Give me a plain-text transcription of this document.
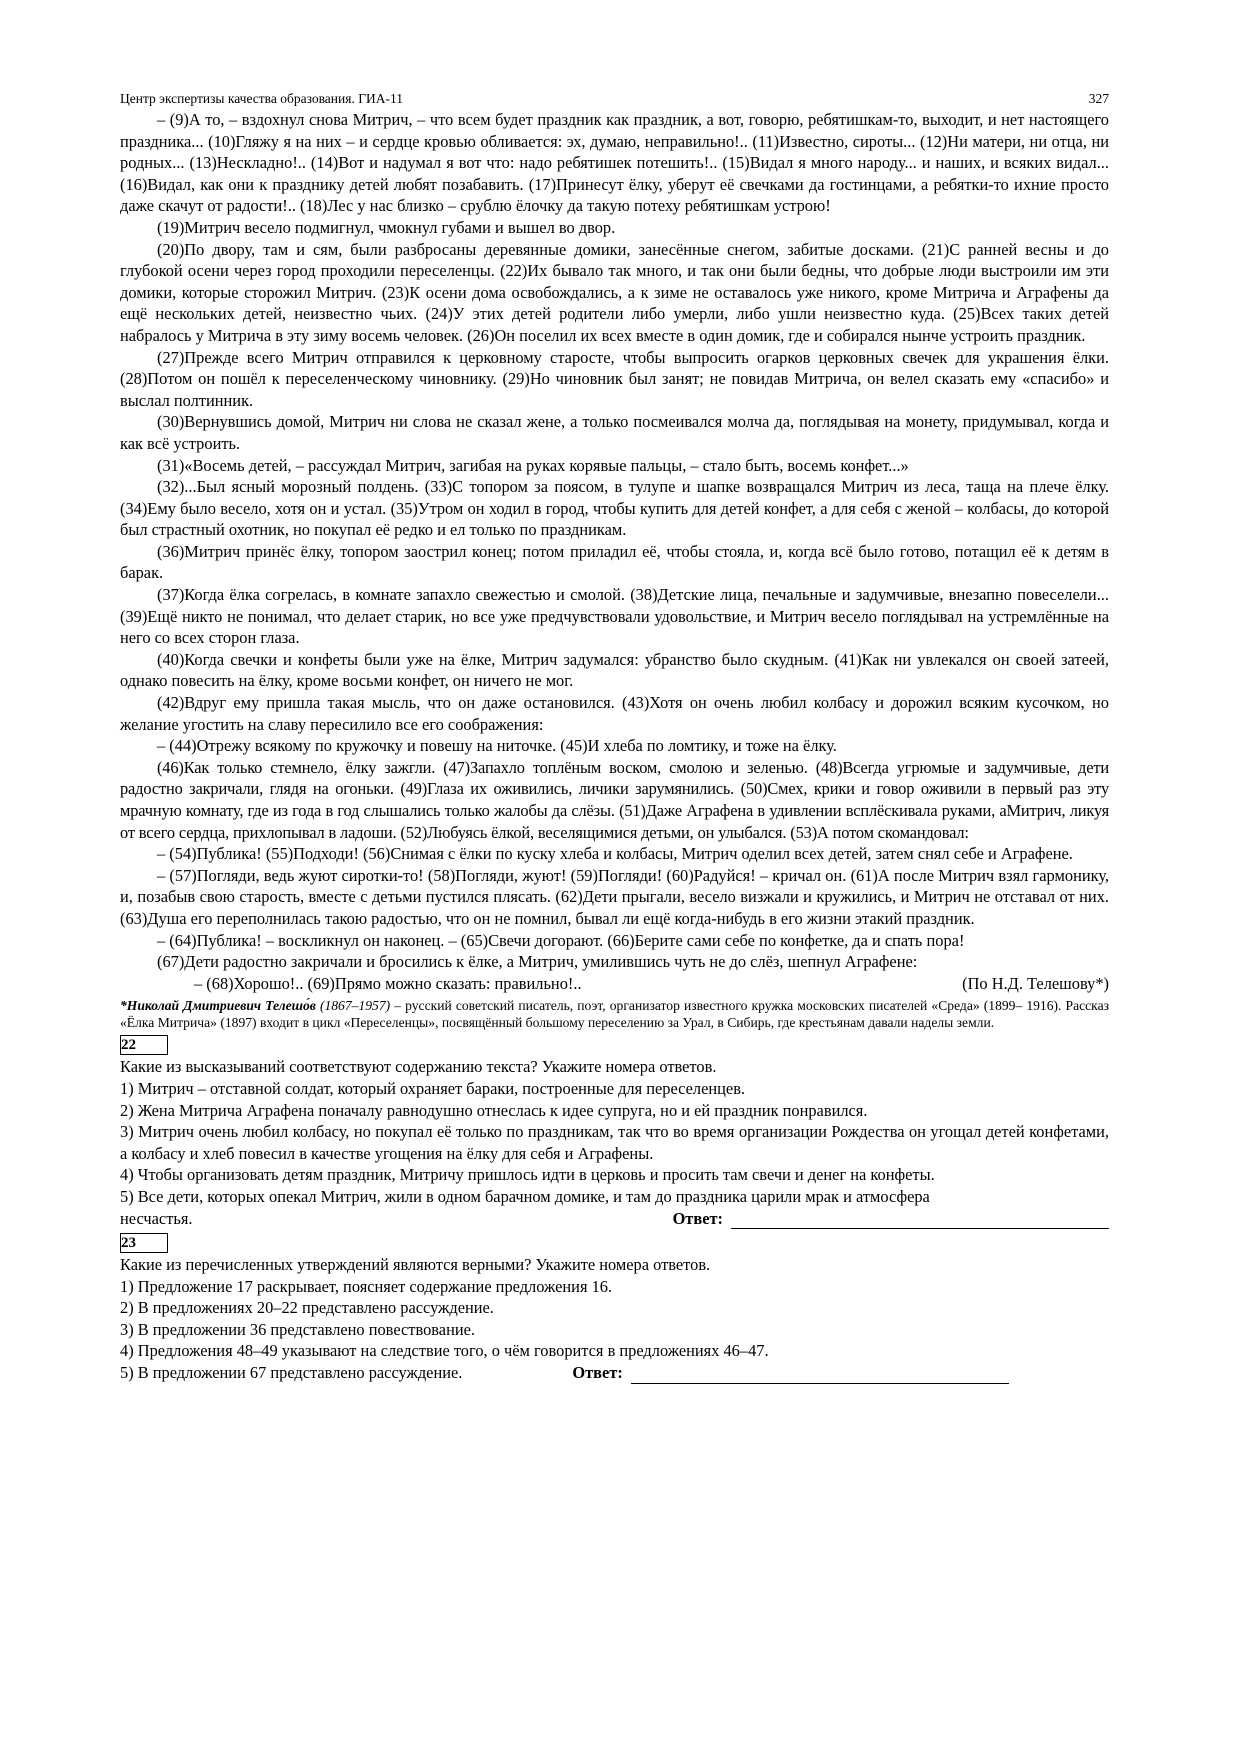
Центр экспертизы качества образования. ГИА-11	327

– (9)А то, – вздохнул снова Митрич, – что всем будет праздник как праздник, а вот, говорю, ребятишкам-то, выходит, и нет настоящего праздника... (10)Гляжу я на них – и сердце кровью обливается: эх, думаю, неправильно!.. (11)Известно, сироты... (12)Ни матери, ни отца, ни родных... (13)Нескладно!.. (14)Вот и надумал я вот что: надо ребятишек потешить!.. (15)Видал я много народу... и наших, и всяких видал... (16)Видал, как они к празднику детей любят позабавить. (17)Принесут ёлку, уберут её свечками да гостинцами, а ребятки-то ихние просто даже скачут от радости!.. (18)Лес у нас близко – срублю ёлочку да такую потеху ребятишкам устрою!

(19)Митрич весело подмигнул, чмокнул губами и вышел во двор.

(20)По двору, там и сям, были разбросаны деревянные домики, занесённые снегом, забитые досками. (21)С ранней весны и до глубокой осени через город проходили переселенцы. (22)Их бывало так много, и так они были бедны, что добрые люди выстроили им эти домики, которые сторожил Митрич. (23)К осени дома освобождались, а к зиме не оставалось уже никого, кроме Митрича и Аграфены да ещё нескольких детей, неизвестно чьих. (24)У этих детей родители либо умерли, либо ушли неизвестно куда. (25)Всех таких детей набралось у Митрича в эту зиму восемь человек. (26)Он поселил их всех вместе в один домик, где и собирался нынче устроить праздник.

(27)Прежде всего Митрич отправился к церковному старосте, чтобы выпросить огарков церковных свечек для украшения ёлки. (28)Потом он пошёл к переселенческому чиновнику. (29)Но чиновник был занят; не повидав Митрича, он велел сказать ему «спасибо» и выслал полтинник.

(30)Вернувшись домой, Митрич ни слова не сказал жене, а только посмеивался молча да, поглядывая на монету, придумывал, когда и как всё устроить.

(31)«Восемь детей, – рассуждал Митрич, загибая на руках корявые пальцы, – стало быть, восемь конфет...»

(32)...Был ясный морозный полдень. (33)С топором за поясом, в тулупе и шапке возвращался Митрич из леса, таща на плече ёлку. (34)Ему было весело, хотя он и устал. (35)Утром он ходил в город, чтобы купить для детей конфет, а для себя с женой – колбасы, до которой был страстный охотник, но покупал её редко и ел только по праздникам.

(36)Митрич принёс ёлку, топором заострил конец; потом приладил её, чтобы стояла, и, когда всё было готово, потащил её к детям в барак.

(37)Когда ёлка согрелась, в комнате запахло свежестью и смолой. (38)Детские лица, печальные и задумчивые, внезапно повеселели... (39)Ещё никто не понимал, что делает старик, но все уже предчувствовали удовольствие, и Митрич весело поглядывал на устремлённые на него со всех сторон глаза.

(40)Когда свечки и конфеты были уже на ёлке, Митрич задумался: убранство было скудным. (41)Как ни увлекался он своей затеей, однако повесить на ёлку, кроме восьми конфет, он ничего не мог.

(42)Вдруг ему пришла такая мысль, что он даже остановился. (43)Хотя он очень любил колбасу и дорожил всяким кусочком, но желание угостить на славу пересилило все его соображения:

– (44)Отрежу всякому по кружочку и повешу на ниточке. (45)И хлеба по ломтику, и тоже на ёлку.

(46)Как только стемнело, ёлку зажгли. (47)Запахло топлёным воском, смолою и зеленью. (48)Всегда угрюмые и задумчивые, дети радостно закричали, глядя на огоньки. (49)Глаза их оживились, личики зарумянились. (50)Смех, крики и говор оживили в первый раз эту мрачную комнату, где из года в год слышались только жалобы да слёзы. (51)Даже Аграфена в удивлении всплёскивала руками, аМитрич, ликуя от всего сердца, прихлопывал в ладоши. (52)Любуясь ёлкой, веселящимися детьми, он улыбался. (53)А потом скомандовал:

– (54)Публика! (55)Подходи! (56)Снимая с ёлки по куску хлеба и колбасы, Митрич оделил всех детей, затем снял себе и Аграфене.

– (57)Погляди, ведь жуют сиротки-то! (58)Погляди, жуют! (59)Погляди! (60)Радуйся! – кричал он. (61)А после Митрич взял гармонику, и, позабыв свою старость, вместе с детьми пустился плясать. (62)Дети прыгали, весело визжали и кружились, и Митрич не отставал от них. (63)Душа его переполнилась такою радостью, что он не помнил, бывал ли ещё когда-нибудь в его жизни этакий праздник.

– (64)Публика! – воскликнул он наконец. – (65)Свечи догорают. (66)Берите сами себе по конфетке, да и спать пора!

(67)Дети радостно закричали и бросились к ёлке, а Митрич, умилившись чуть не до слёз, шепнул Аграфене:

– (68)Хорошо!.. (69)Прямо можно сказать: правильно!..	(По Н.Д. Телешову*)

*Николай Дмитриевич Телешо́в (1867–1957) – русский советский писатель, поэт, организатор известного кружка московских писателей «Среда» (1899– 1916). Рассказ «Ёлка Митрича» (1897) входит в цикл «Переселенцы», посвящённый большому переселению за Урал, в Сибирь, где крестьянам давали наделы земли.
22
Какие из высказываний соответствуют содержанию текста? Укажите номера ответов.
1) Митрич – отставной солдат, который охраняет бараки, построенные для переселенцев.
2) Жена Митрича Аграфена поначалу равнодушно отнеслась к идее супруга, но и ей праздник понравился.
3) Митрич очень любил колбасу, но покупал её только по праздникам, так что во время организации Рождества он угощал детей конфетами, а колбасу и хлеб повесил в качестве угощения на ёлку для себя и Аграфены.
4) Чтобы организовать детям праздник, Митричу пришлось идти в церковь и просить там свечи и денег на конфеты.
5) Все дети, которых опекал Митрич, жили в одном барачном домике, и там до праздника царили мрак и атмосфера
несчастья.	Ответ:
23
Какие из перечисленных утверждений являются верными? Укажите номера ответов.
1) Предложение 17 раскрывает, поясняет содержание предложения 16.
2) В предложениях 20–22 представлено рассуждение.
3) В предложении 36 представлено повествование.
4) Предложения 48–49 указывают на следствие того, о чём говорится в предложениях 46–47.
5) В предложении 67 представлено рассуждение.	Ответ:
